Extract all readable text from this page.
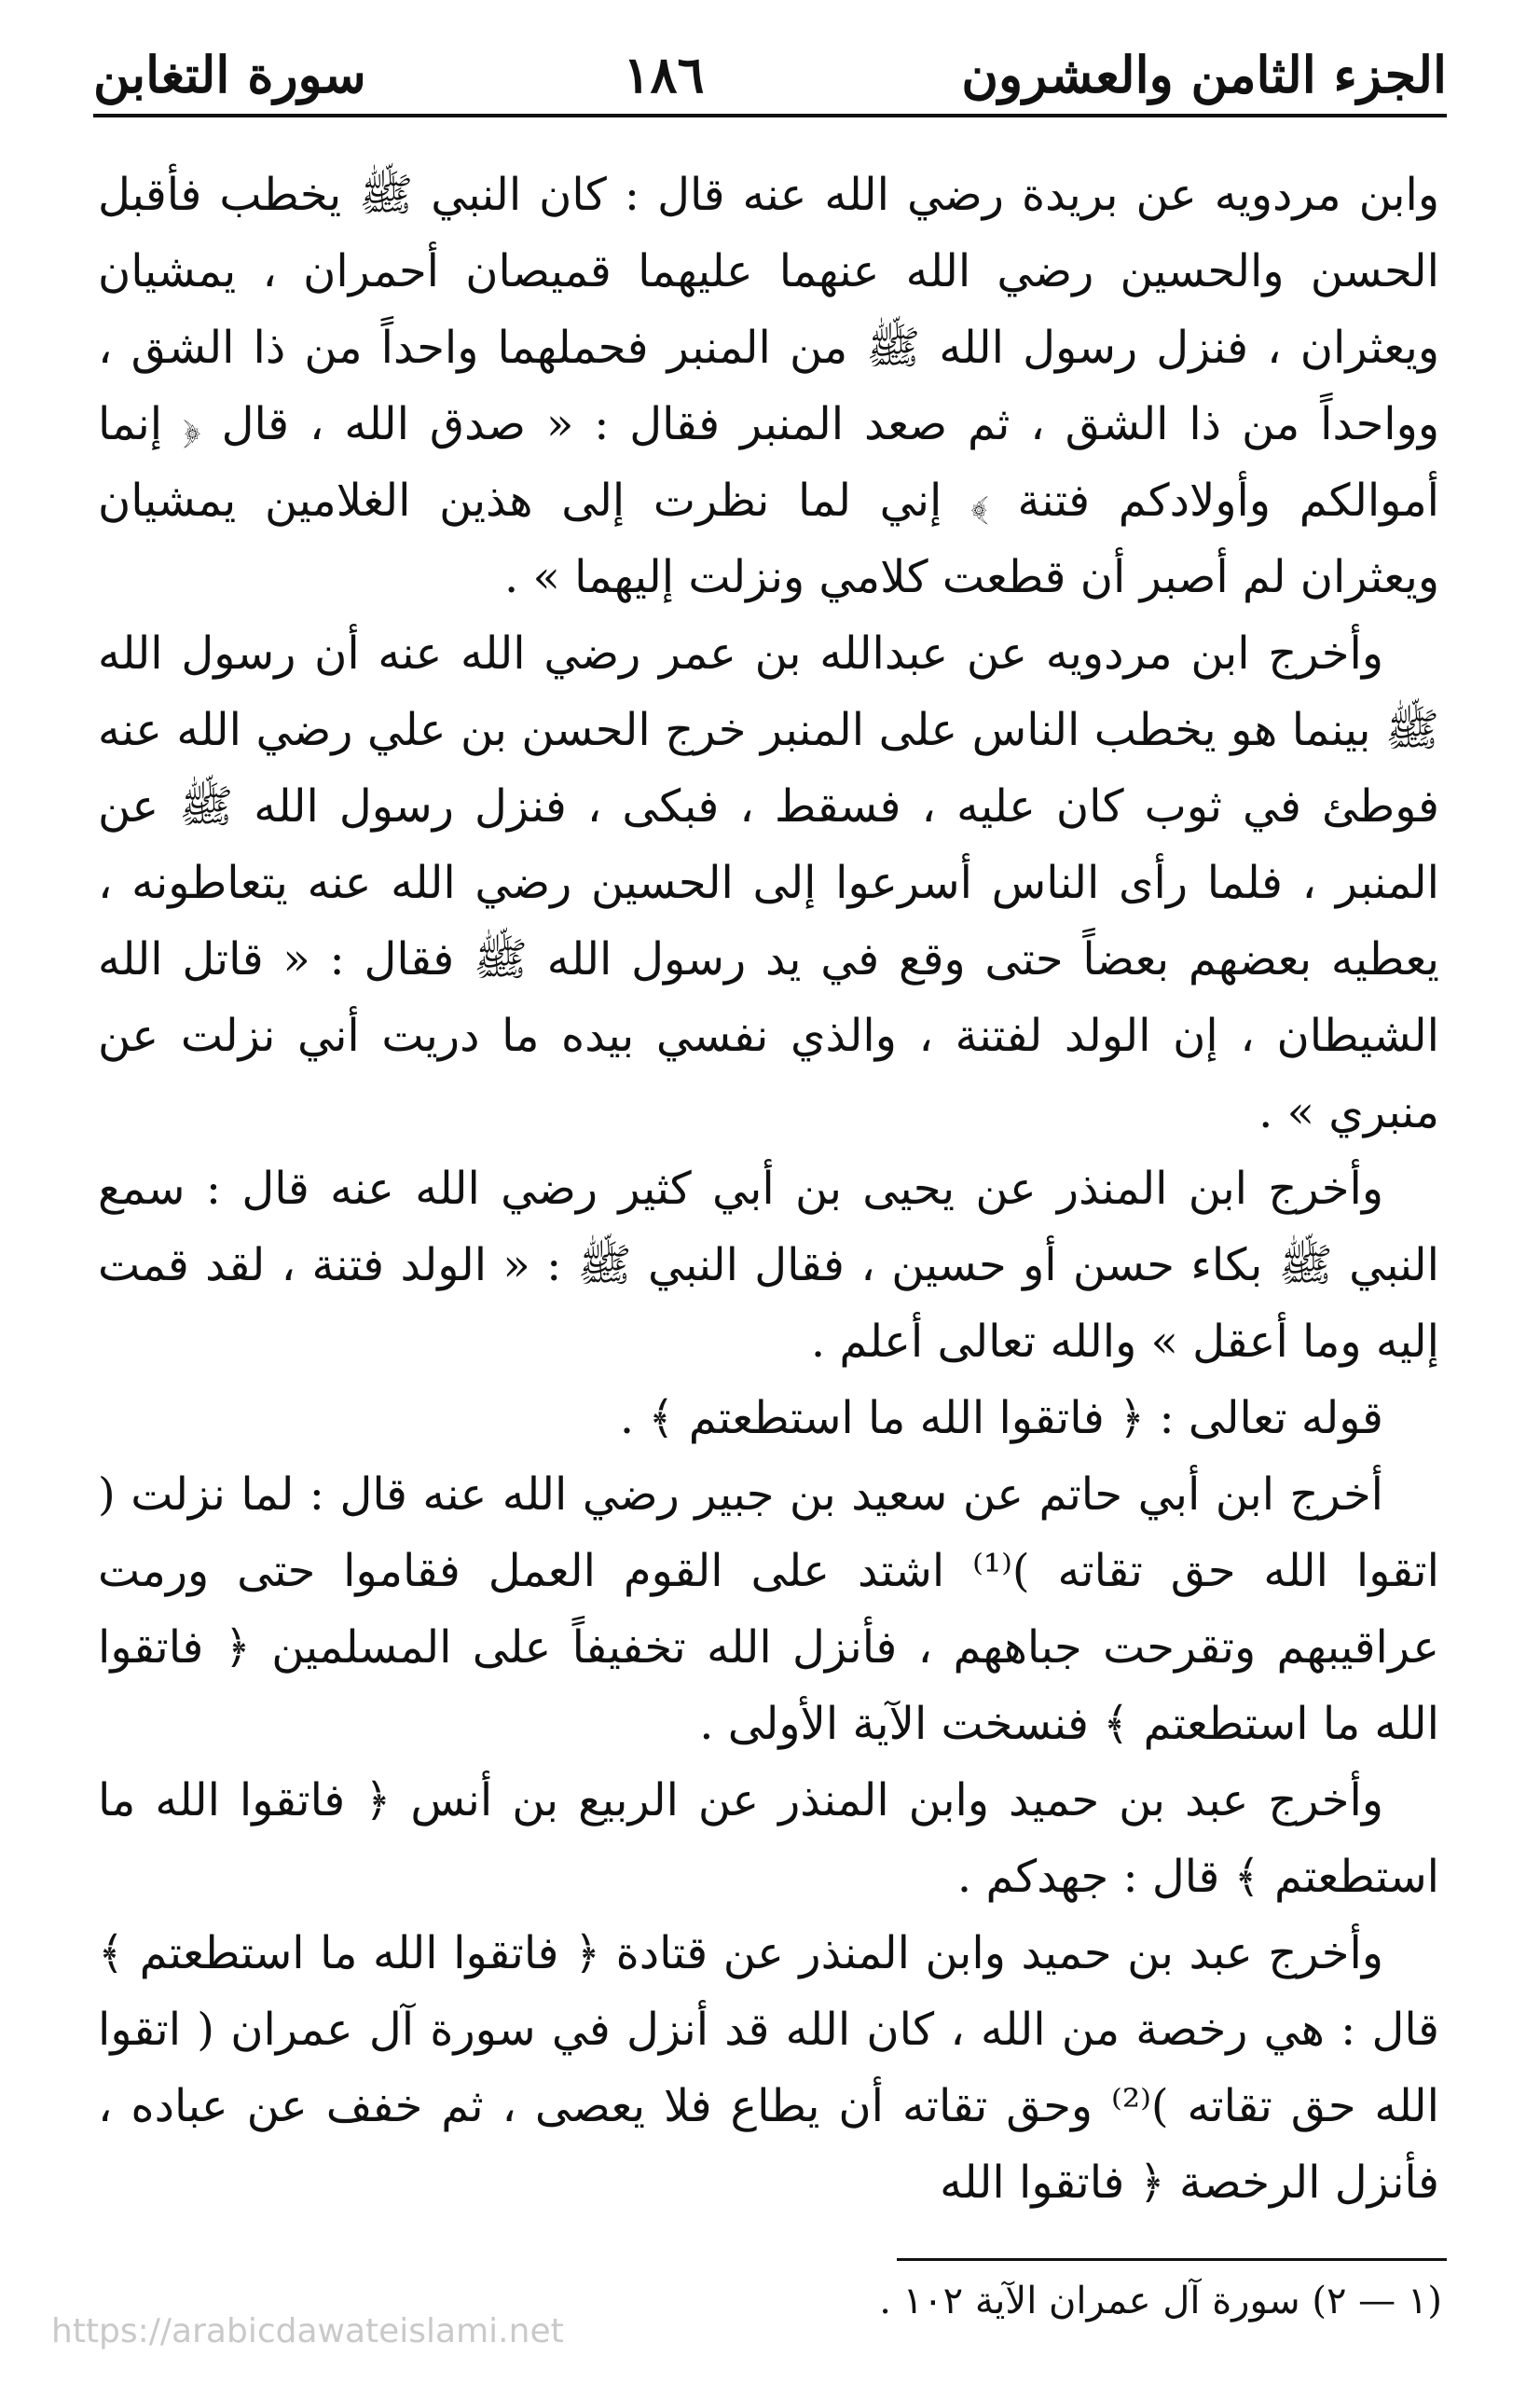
الجزء الثامن والعشرون
١٨٦
سورة التغابن

وابن مردويه عن بريدة رضي الله عنه قال : كان النبي ﷺ يخطب فأقبل الحسن والحسين رضي الله عنهما عليهما قميصان أحمران ، يمشيان ويعثران ، فنزل رسول الله ﷺ من المنبر فحملهما واحداً من ذا الشق ، وواحداً من ذا الشق ، ثم صعد المنبر فقال : « صدق الله ، قال ﴿ إنما أموالكم وأولادكم فتنة ﴾ إني لما نظرت إلى هذين الغلامين يمشيان ويعثران لم أصبر أن قطعت كلامي ونزلت إليهما » .

وأخرج ابن مردويه عن عبدالله بن عمر رضي الله عنه أن رسول الله ﷺ بينما هو يخطب الناس على المنبر خرج الحسن بن علي رضي الله عنه فوطئ في ثوب كان عليه ، فسقط ، فبكى ، فنزل رسول الله ﷺ عن المنبر ، فلما رأى الناس أسرعوا إلى الحسين رضي الله عنه يتعاطونه ، يعطيه بعضهم بعضاً حتى وقع في يد رسول الله ﷺ فقال : « قاتل الله الشيطان ، إن الولد لفتنة ، والذي نفسي بيده ما دريت أني نزلت عن منبري » .

وأخرج ابن المنذر عن يحيى بن أبي كثير رضي الله عنه قال : سمع النبي ﷺ بكاء حسن أو حسين ، فقال النبي ﷺ : « الولد فتنة ، لقد قمت إليه وما أعقل » والله تعالى أعلم .

قوله تعالى : ﴿ فاتقوا الله ما استطعتم ﴾ .

أخرج ابن أبي حاتم عن سعيد بن جبير رضي الله عنه قال : لما نزلت ( اتقوا الله حق تقاته )⁽¹⁾ اشتد على القوم العمل فقاموا حتى ورمت عراقيبهم وتقرحت جباههم ، فأنزل الله تخفيفاً على المسلمين ﴿ فاتقوا الله ما استطعتم ﴾ فنسخت الآية الأولى .

وأخرج عبد بن حميد وابن المنذر عن الربيع بن أنس ﴿ فاتقوا الله ما استطعتم ﴾ قال : جهدكم .

وأخرج عبد بن حميد وابن المنذر عن قتادة ﴿ فاتقوا الله ما استطعتم ﴾ قال : هي رخصة من الله ، كان الله قد أنزل في سورة آل عمران ( اتقوا الله حق تقاته )⁽²⁾ وحق تقاته أن يطاع فلا يعصى ، ثم خفف عن عباده ، فأنزل الرخصة ﴿ فاتقوا الله

(١ — ٢) سورة آل عمران الآية ١٠٢ .
https://arabicdawateislami.net
